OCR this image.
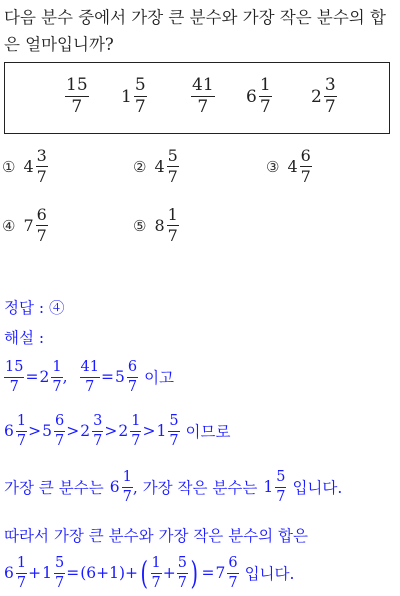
다음 분수 중에서 가장 큰 분수와 가장 작은 분수의 합은 얼마입니까?
$\frac{15}{7} 1 \frac{5}{7}$	$\frac{41}{7} 6 \frac{1}{7} 2 \frac{3}{7}$
① $4 \frac{3}{7}$	② $4 \frac{5}{7}$	③ $4 \frac{6}{7}$
④ $7 \frac{6}{7}$	⑤ $8 \frac{1}{7}$
정답 : ④
해설 :
$\frac{15}{7} = 2 \frac{1}{7}$ , $\frac{41}{7} = 5 \frac{6}{7}$ 이고
$6 \frac{1}{7} > 5 \frac{6}{7} > 2 \frac{3}{7} > 2 \frac{1}{7} > 1 \frac{5}{7}$ 이므로
가장 큰 분수는 $6 \frac{1}{7}$ , 가장 작은 분수는 $1 \frac{5}{7}$ 입니다.
따라서 가장 큰 분수와 가장 작은 분수의 합은
$6 \frac{1}{7} + 1 \frac{5}{7} = (6+1)+$ ( $\frac{1}{7} + \frac{5}{7}$ ) = $7 \frac{6}{7}$ 입니다.
